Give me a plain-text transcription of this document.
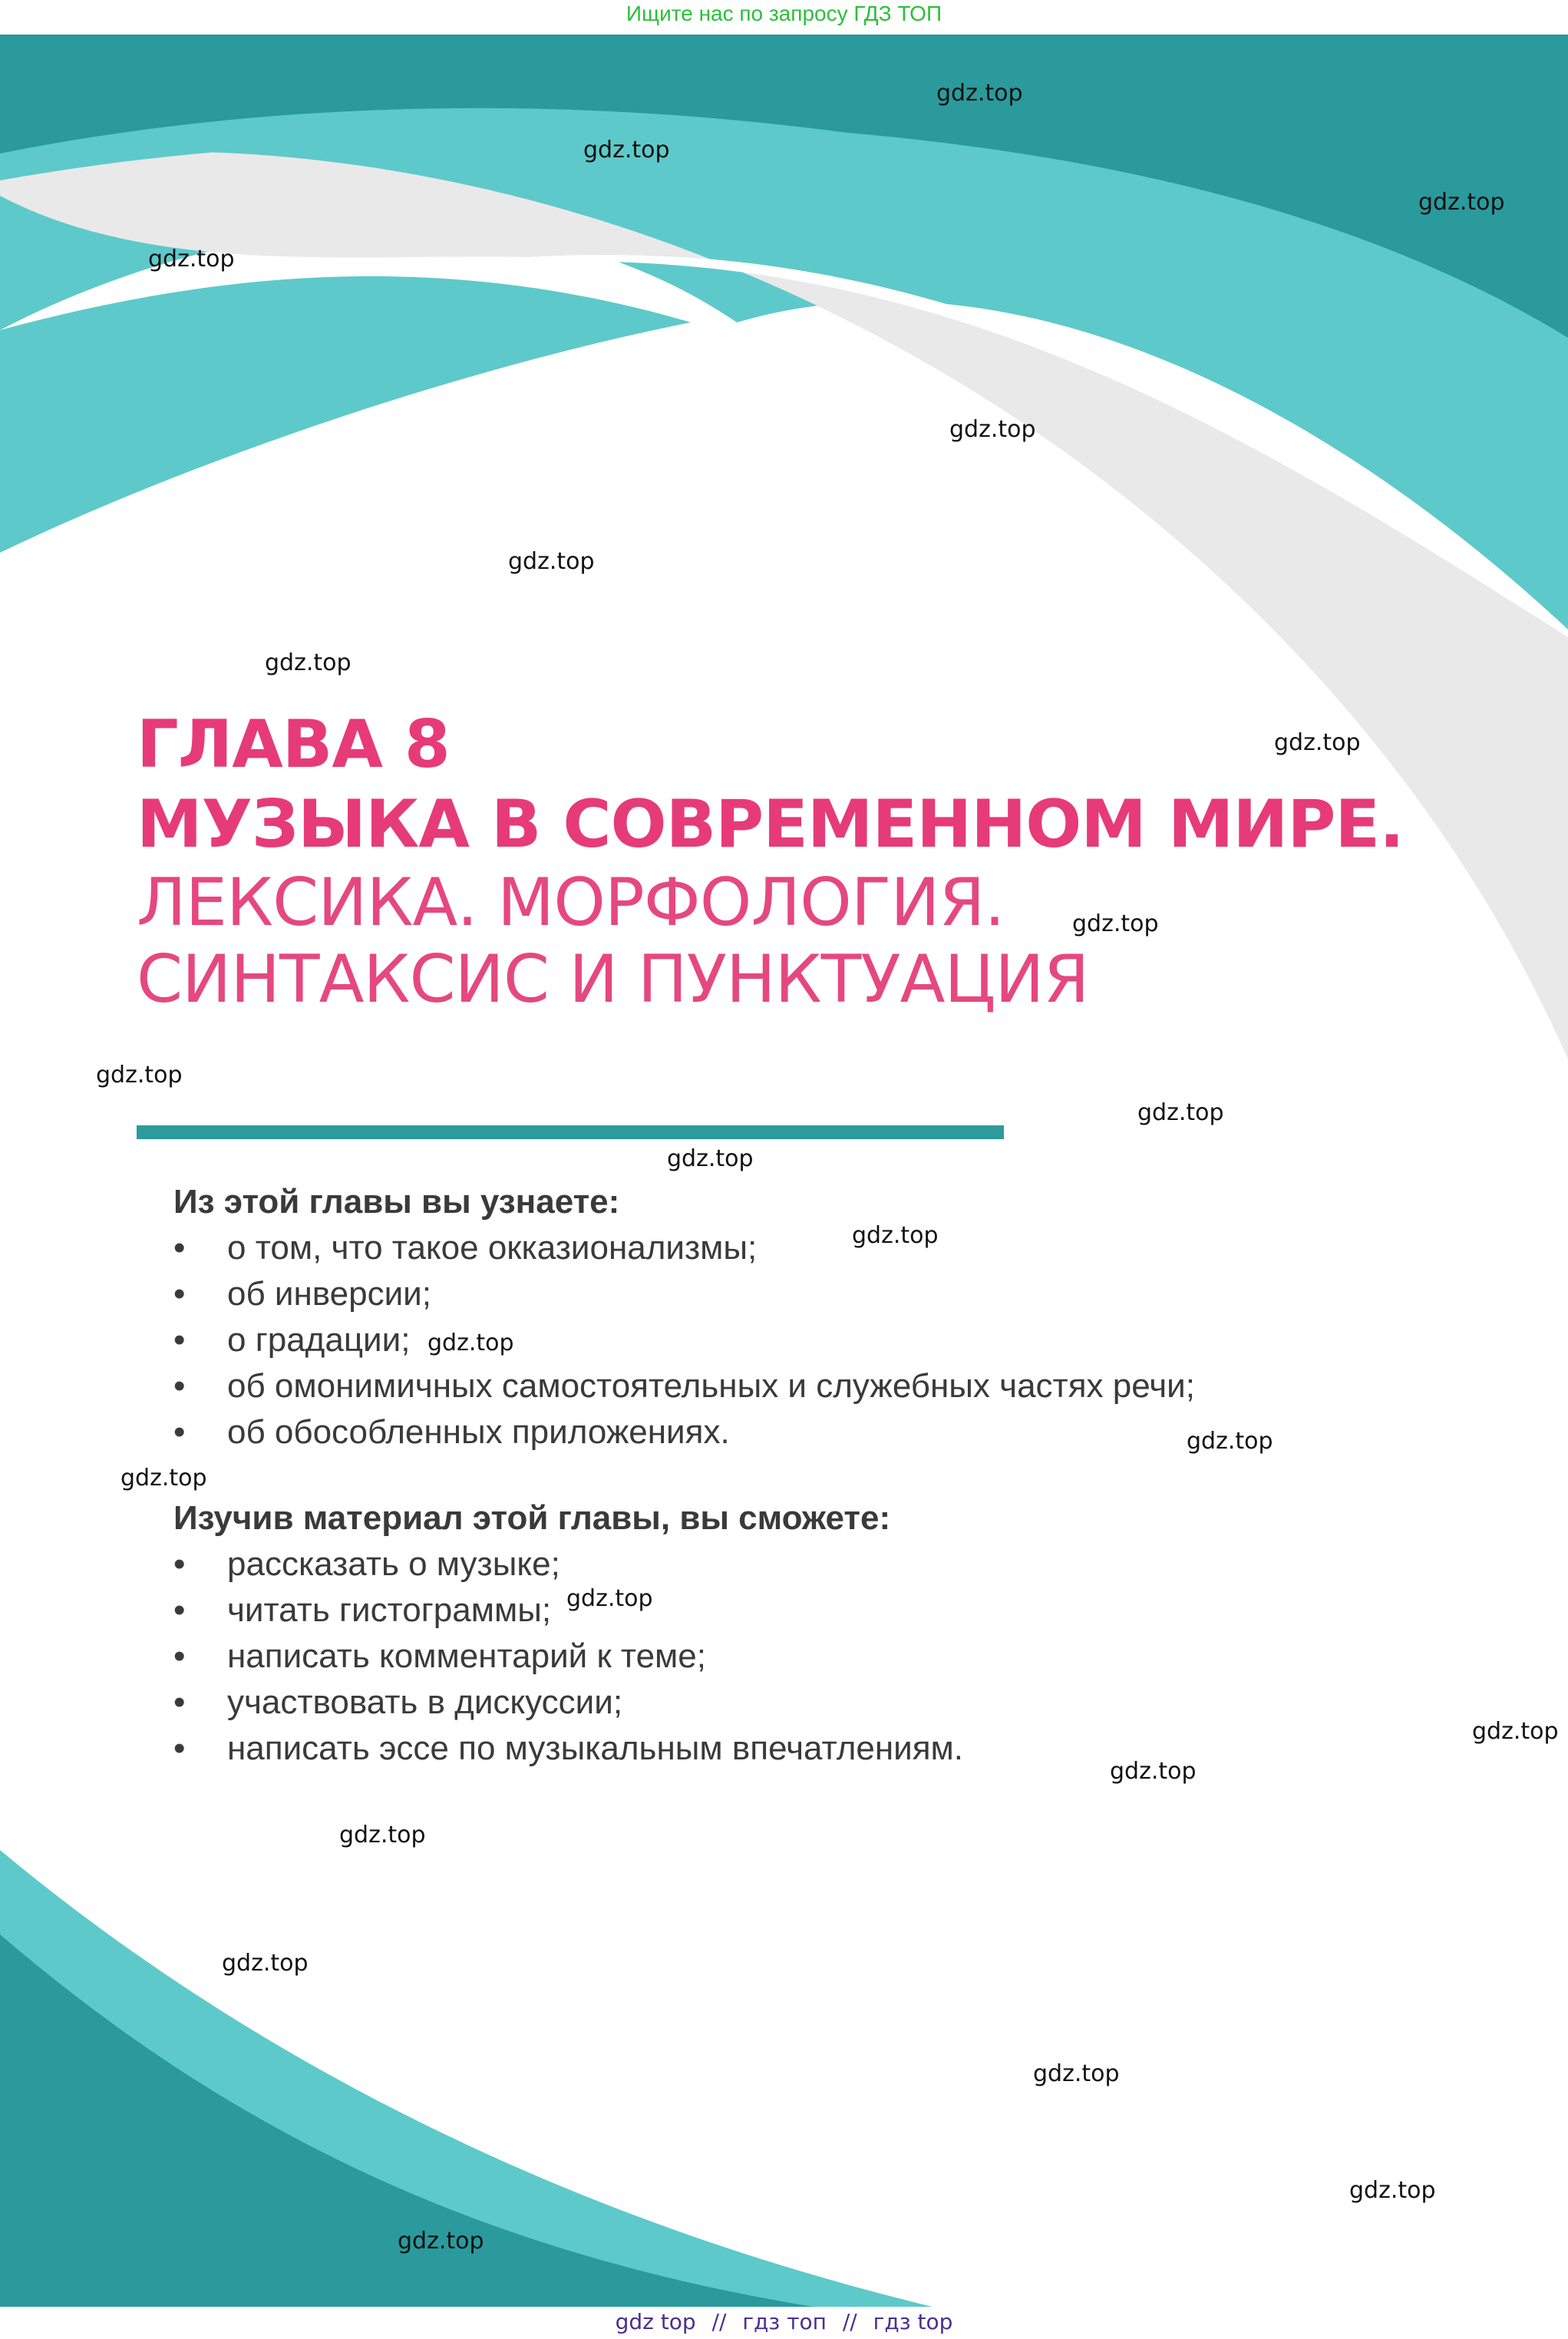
Ищите нас по запросу ГДЗ ТОП
ГЛАВА 8
МУЗЫКА В СОВРЕМЕННОМ МИРЕ.
ЛЕКСИКА. МОРФОЛОГИЯ.
СИНТАКСИС И ПУНКТУАЦИЯ
Из этой главы вы узнаете:
• о том, что такое окказионализмы;
• об инверсии;
• о градации;
• об омонимичных самостоятельных и служебных частях речи;
• об обособленных приложениях.
Изучив материал этой главы, вы сможете:
• рассказать о музыке;
• читать гистограммы;
• написать комментарий к теме;
• участвовать в дискуссии;
• написать эссе по музыкальным впечатлениям.
gdz.top
gdz.top
gdz.top
gdz.top
gdz.top
gdz.top
gdz.top
gdz.top
gdz.top
gdz.top
gdz.top
gdz.top
gdz.top
gdz.top
gdz.top
gdz.top
gdz.top
gdz.top
gdz.top
gdz.top
gdz.top
gdz.top
gdz.top
gdz.top
gdz top // гдз топ // гдз top
